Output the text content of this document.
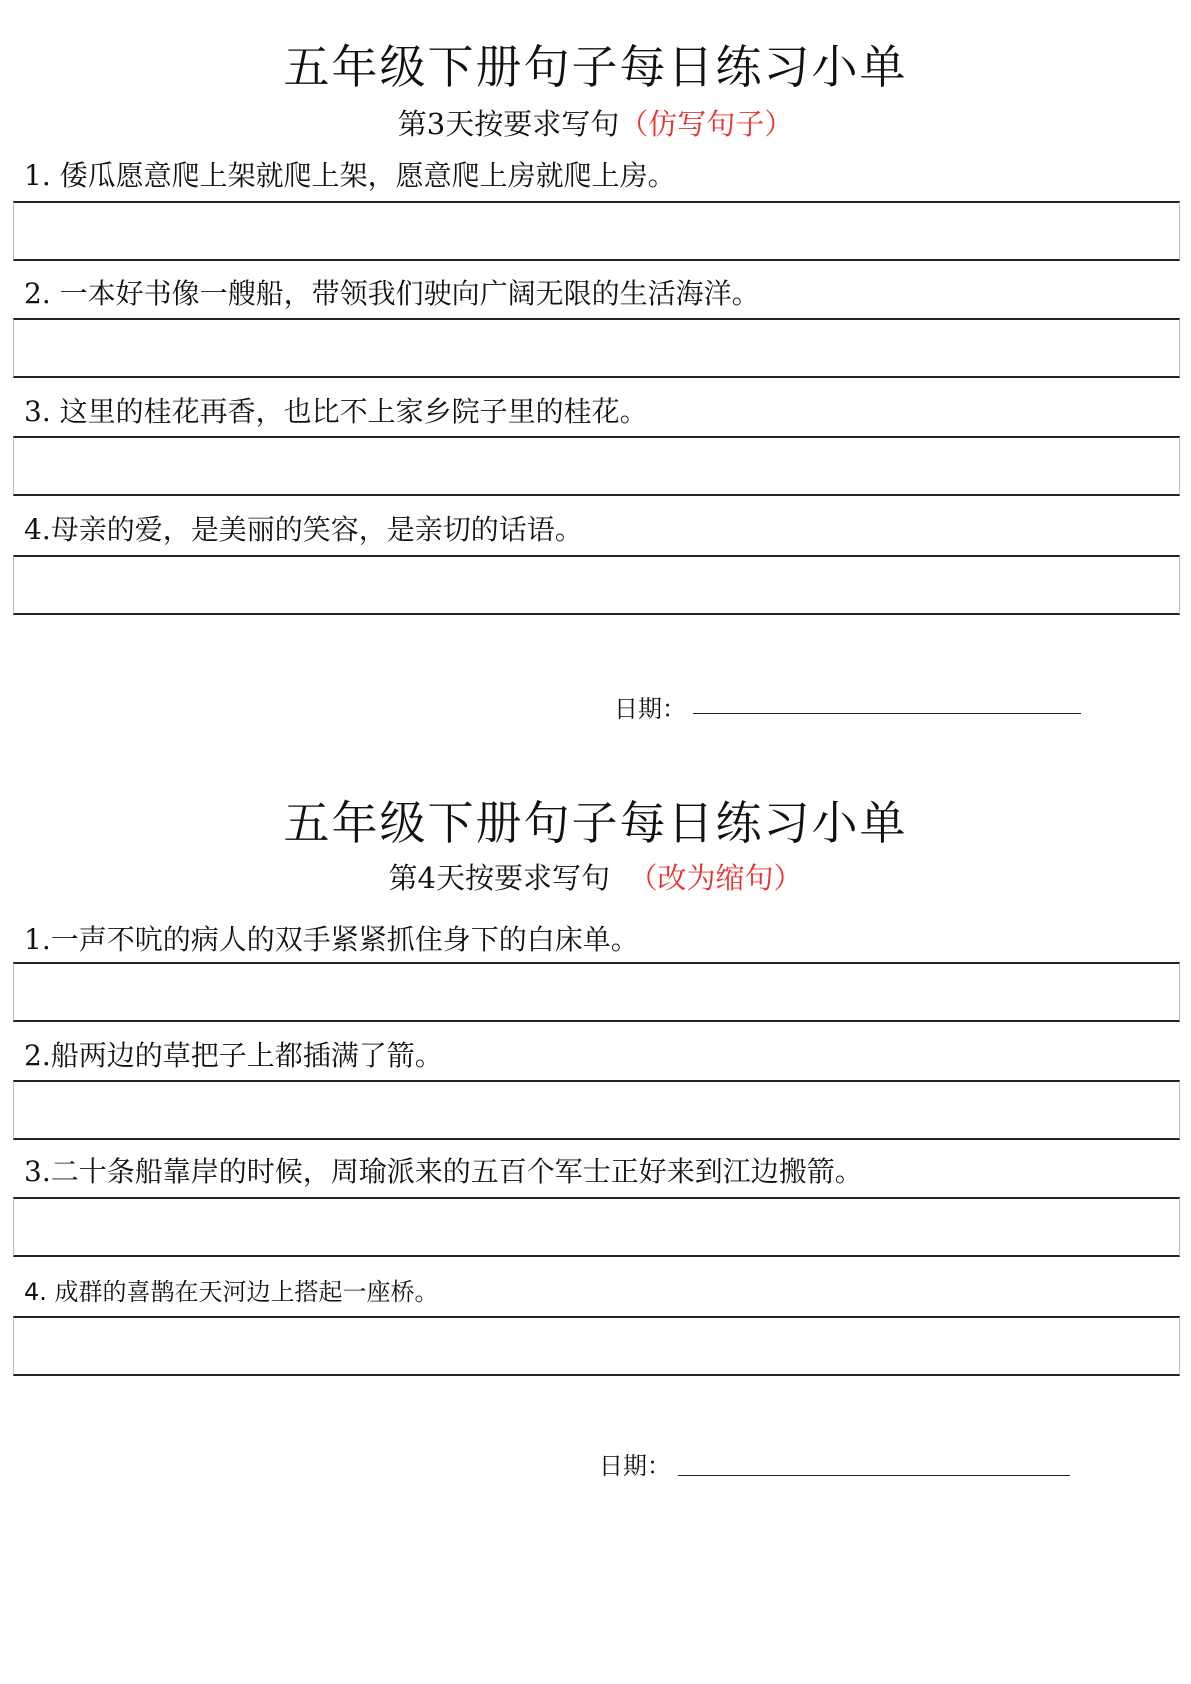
五年级下册句子每日练习小单
第3天按要求写句（仿写句子）
1. 倭瓜愿意爬上架就爬上架，愿意爬上房就爬上房。
2. 一本好书像一艘船，带领我们驶向广阔无限的生活海洋。
3. 这里的桂花再香，也比不上家乡院子里的桂花。
4.母亲的爱，是美丽的笑容，是亲切的话语。
日期：
五年级下册句子每日练习小单
第4天按要求写句 （改为缩句）
1.一声不吭的病人的双手紧紧抓住身下的白床单。
2.船两边的草把子上都插满了箭。
3.二十条船靠岸的时候，周瑜派来的五百个军士正好来到江边搬箭。
4. 成群的喜鹊在天河边上搭起一座桥。
日期：
